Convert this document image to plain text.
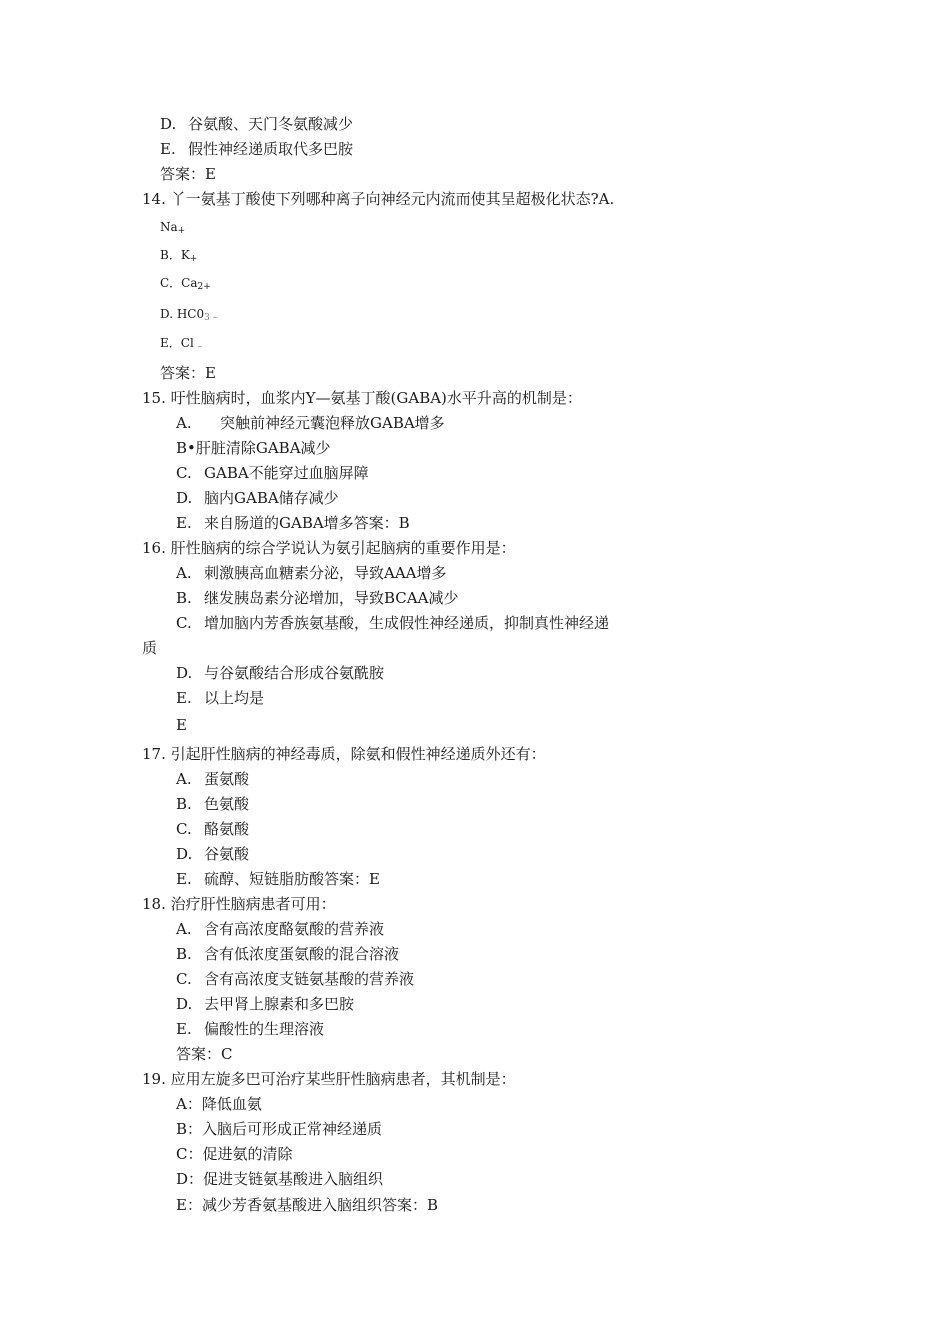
D. 谷氨酸、天门冬氨酸减少
E. 假性神经递质取代多巴胺
答案：E
14. 丫一氨基丁酸使下列哪种离子向神经元内流而使其呈超极化状态?A.
Na+
B．K+
C．Ca2+
D. HC03 –
E．Cl –
答案：E
15. 吁性脑病时，血浆内Y—氨基丁酸(GABA)水平升高的机制是：
A. 突触前神经元囊泡释放GABA增多
B•肝脏清除GABA减少
C. GABA不能穿过血脑屏障
D. 脑内GABA储存减少
E. 来自肠道的GABA增多答案：B
16. 肝性脑病的综合学说认为氨引起脑病的重要作用是：
A. 刺激胰高血糖素分泌，导致AAA增多
B. 继发胰岛素分泌增加，导致BCAA减少
C. 增加脑内芳香族氨基酸，生成假性神经递质，抑制真性神经递
质
D. 与谷氨酸结合形成谷氨酰胺
E. 以上均是
E
17. 引起肝性脑病的神经毒质，除氨和假性神经递质外还有：
A. 蛋氨酸
B. 色氨酸
C. 酪氨酸
D. 谷氨酸
E. 硫醇、短链脂肪酸答案：E
18. 治疗肝性脑病患者可用：
A. 含有高浓度酪氨酸的营养液
B. 含有低浓度蛋氨酸的混合溶液
C. 含有高浓度支链氨基酸的营养液
D. 去甲肾上腺素和多巴胺
E. 偏酸性的生理溶液
答案：C
19. 应用左旋多巴可治疗某些肝性脑病患者，其机制是：
A：降低血氨
B：入脑后可形成正常神经递质
C：促进氨的清除
D：促进支链氨基酸进入脑组织
E：减少芳香氨基酸进入脑组织答案：B
